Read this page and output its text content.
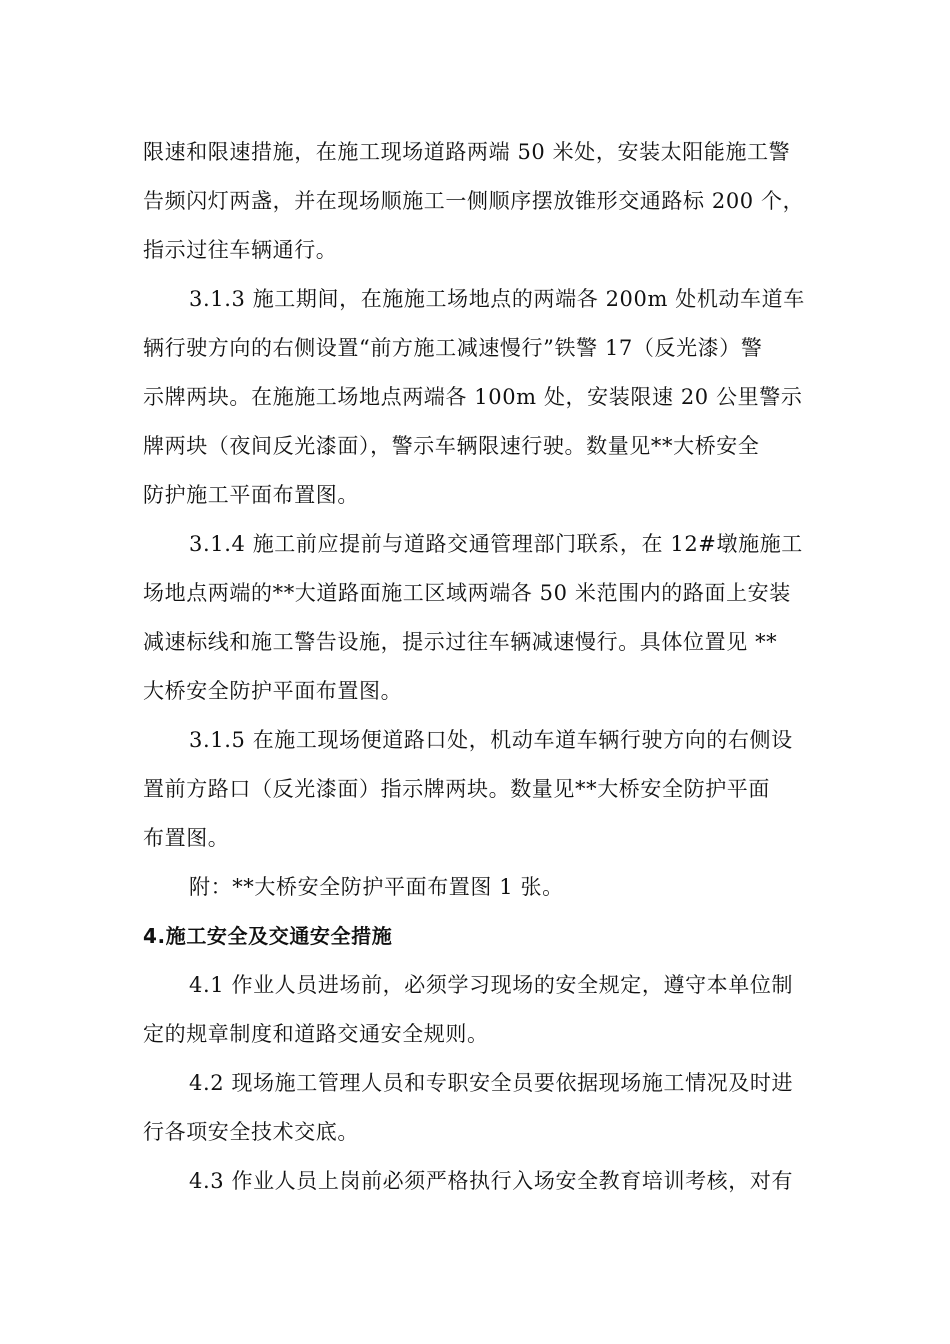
限速和限速措施，在施工现场道路两端 50 米处，安装太阳能施工警
告频闪灯两盏，并在现场顺施工一侧顺序摆放锥形交通路标 200 个，
指示过往车辆通行。
3.1.3 施工期间，在施施工场地点的两端各 200m 处机动车道车
辆行驶方向的右侧设置“前方施工减速慢行”铁警 17（反光漆）警
示牌两块。在施施工场地点两端各 100m 处，安装限速 20 公里警示
牌两块（夜间反光漆面），警示车辆限速行驶。数量见**大桥安全
防护施工平面布置图。
3.1.4 施工前应提前与道路交通管理部门联系，在 12#墩施施工
场地点两端的**大道路面施工区域两端各 50 米范围内的路面上安装
减速标线和施工警告设施，提示过往车辆减速慢行。具体位置见 **
大桥安全防护平面布置图。
3.1.5 在施工现场便道路口处，机动车道车辆行驶方向的右侧设
置前方路口（反光漆面）指示牌两块。数量见**大桥安全防护平面
布置图。
附：**大桥安全防护平面布置图 1 张。
4.施工安全及交通安全措施
4.1 作业人员进场前，必须学习现场的安全规定，遵守本单位制
定的规章制度和道路交通安全规则。
4.2 现场施工管理人员和专职安全员要依据现场施工情况及时进
行各项安全技术交底。
4.3 作业人员上岗前必须严格执行入场安全教育培训考核，对有
